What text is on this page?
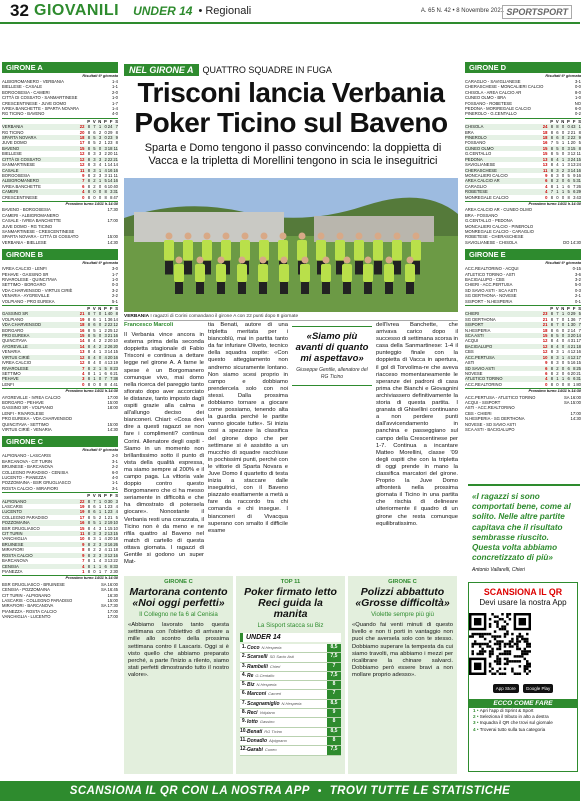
32 GIOVANILI UNDER 14 • Regionali	A. 65 N. 42 • 8 Novembre 2021 SPORTSPORT
GIRONE A
Risultati 6ª giornata
ALBIGROMANERO - VERBANIA	1-4
BIELLESE - CASALE	1-1
BORGOSESIA - CAMERI	2-0
CITTÀ DI COSSATO - SANMARTINESE	1-0
CRESCENTINESE - JUVE DOMO	1-7
IVREA BANCHETTE - SPARTA NOVARA	1-4
RG TICINO - BAVENO	4-0
P V N P F S
VERBANIA	22 8 7 1 0 24 7
RG TICINO	20 8 6 2 0 29 8
SPARTA NOVARA	18 8 5 3 0 23 9
JUVE DOMO	17 8 5 2 1 23 8
BAVENO	15 8 5 0 3 18 11
BIELLESE	12 8 3 3 2 20 11
CITTÀ DI COSSATO	12 8 3 3 2 22 21
SANMARTINESE	12 8 3 4 1 14 14
CASALE	11 8 3 1 4 16 16
BORGOSESIA	9 8 2 3 3 11 11
ALBIGROMANERO	7 8 2 1 5 14 16
IVREA BANCHETTE	6 8 2 0 6 10 40
CAMERI	4 8 0 0 8 3 31
CRESCENTINESE	0 8 0 0 8 8 47
Prossimo turno 14/11 h.14:30
BAVENO - BORGOSESIA	17:30
CAMERI - ALBIGROMANERO
CASALE - IVREA BANCHETTE	17:00
JUVE DOMO - RG TICINO
SANMARTINESE - CRESCENTINESE
SPARTA NOVARA - CITTÀ DI COSSATO	15:00
VERBANIA - BIELLESE	14:30
GIRONE B
Risultati 6ª giornata
IVREA CALCIO - LENFI	3-0
PEHAVE - GASSINO SR	1-7
RIVAROLESE - QUINCITAVA	1-0
SETTIMO - BORGARO	0-3
VDA CHARVENSOD - VIRTUS CIRIÈ	3-2
VENARIA - AYGREVILLE	2-2
VOLPIANO - PRO EUREKA	5-1
P V N P F S
GASSINO SR	21 8 7 0 1 40 8
VOLPIANO	19 8 6 1 1 36 14
VDA CHARVENSOD	18 8 6 0 2 22 12
BORGARO	16 8 5 1 2 25 12
PRO EUREKA	15 8 5 0 3 21 16
QUINCITAVA	14 8 4 2 2 20 10
AYGREVILLE	14 8 4 2 2 26 20
VENARIA	13 8 4 1 3 14 15
VIRTUS CIRIÈ	12 8 4 0 4 20 16
IVREA CALCIO	12 8 4 0 4 13 19
RIVAROLESE	7 8 2 1 5 8 23
SETTIMO	4 8 1 1 6 6 21
PEHAVE	3 8 1 0 7 7 38
LENFI	0 8 0 0 8 4 41
Prossimo turno 14/11 h.14:30
AYGREVILLE - IVREA CALCIO	17:00
BORGARO - PEHAVE	15:00
GASSINO SR - VOLPIANO	18:00
LENFI - RIVAROLESE
PRO EUREKA - VDA CHARVENSOD
QUINCITAVA - SETTIMO	15:00
VIRTUS CIRIÈ - VENARIA	14:30
GIRONE C
Risultati 6ª giornata
ALPIGNANO - LASCARIS	2-0
BARCANOVA - CIT TURIN	3-1
BRUINESE - BARCANOVA	2-2
COLLEGNO PARADISO - CENISIA	6-0
LUCENTO - PIANEZZA	4-0
POZZOMAINA - BSR GRUGLIASCO	1-1
ROSTA CALCIO - MIRAFIORI	3-1
P V N P F S
ALPIGNANO	22 8 7 1 0 30 3
LASCARIS	19 8 6 1 1 23 4
LUCENTO	19 8 6 1 1 23 4
COLLEGNO PARADISO	17 8 5 2 1 21 5
POZZOMAINA	16 8 5 1 2 19 10
BSR GRUGLIASCO	15 8 4 3 1 15 10
CIT TURIN	11 8 3 3 2 13 15
VANCHIGLIA	10 8 3 1 4 20 18
BRUINESE	9 8 2 3 3 16 26
MIRAFIORI	8 8 2 2 4 11 18
ROSTA CALCIO	9 8 2 3 3 12 16
BARCANOVA	7 8 1 4 3 13 22
CENISIA	4 8 1 1 6 8 33
PIANEZZA	1 8 0 1 7 2 30
Prossimo turno 14/11 h.14:30
BSR GRUGLIASCO - BRUINESE	SA 16:00
CENISIA - POZZOMAINA	SA 16:45
CIT TURIN - ALPIGNANO	16:30
LASCARIS - COLLEGNO PARADISO	15:00
MIRAFIORI - BARCANOVA	SA 17:30
PIANEZZA - ROSTA CALCIO	17:00
VANCHIGLIA - LUCENTO	17:00
GIRONE D
Risultati 6ª giornata
CARAGLIO - SAVIGLIANESE	3-1
CHERASCHESE - MONCALIERI CALCIO	0-0
CHISOLA - AREA CALCIO AR	8-0
CUNEO OLMO - BRA	1-0
FOSSANO - ROBETESE	NO
PEDONA - MORIREGALE CALCIO	6-0
PINEROLO - G.CENTALLO	0-2
P V N P F S
CHISOLA	24 8 8 0 0 43 1
BRA	18 8 6 0 2 21 8
PINEROLO	18 8 6 0 2 22 9
FOSSANO	16 7 5 1 1 20 5
CUNEO OLMO	15 8 5 0 3 15 8
G.CENTALLO	15 8 5 0 3 12 11
PEDONA	13 8 4 1 3 24 15
SAVIGLIANESE	13 8 4 1 3 13 24
CHERASCHESE	11 8 3 2 3 14 16
MONCALIERI CALCIO	9 8 3 0 5 9 16
AREA CALCIO AR	6 8 2 0 6 5 31
CARAGLIO	4 8 1 1 6 7 26
ROBETESE	4 7 1 1 5 6 29
MONREGALE CALCIO	0 8 0 0 8 3 43
Prossimo turno 14/11 h.14:30
AREA CALCIO AR - CUNEO OLMO
BRA - FOSSANO
G.CENTALLO - PEDONA
MONCALIERI CALCIO - PINEROLO
MONREGALE CALCIO - CARAGLIO
ROBETESE - CHERASCHESE
SAVIGLIANESE - CHISOLA	DO 14:30
GIRONE E
Risultati 6ª giornata
ACC.REALTORINO - ACQUI	0-15
ATLETICO TORINO - ASTI	3-6
BACIGALUPO - CBS	3-2
CHIERI - ACC.PERTUSA	5-0
SD SAVIO ASTI - SCA ASTI	0-3
SG DERTHONA - NOVESE	2-1
SISPORT - N.HESPERIA	0-1
P V N P F S
CHIERI	23 8 7 1 0 29 5
SG DERTHONA	21 8 7 0 1 36 7
SISPORT	21 8 7 0 1 30 7
N.HESPERIA	18 8 6 0 2 14 7
SCA ASTI	15 8 5 0 3 20 14
ACQUI	12 8 4 0 4 31 17
BACIGALUPO	12 8 4 0 4 21 18
CBS	12 8 3 1 4 12 16
ACC.PERTUSA	10 8 3 1 4 12 17
ASTI	9 8 3 0 5 16 15
SD SAVIO ASTI	6 8 2 0 6 8 25
NOVESE	6 8 2 0 6 20 21
ATLETICO TORINO	4 8 1 1 6 6 31
ACC.REALTORINO	0 8 0 0 8 1 80
Prossimo turno 14/11 h.14:30
ACC.PERTUSA - ATLETICO TORINO	SA 16:00
ACQUI - SISPORT	SA 15:00
ASTI - ACC.REALTORINO
CBS - CHIERI	17:00
N.HESPERIA - SG DERTHONA	14:30
NOVESE - SD SAVIO ASTI
SCA ASTI - BACIGALUPO
«I ragazzi si sono comportati bene, come al solito. Nelle altre partite capitava che il risultato sembrasse riuscito. Questa volta abbiamo concretizzato di più»
Antonio Vallarelli, Chieri
NEL GIRONE A	QUATTRO SQUADRE IN FUGA
Trisconi lancia Verbania Poker Ticino sul Baveno
Sparta e Domo tengono il passo convincendo: la doppietta di Vacca e la tripletta di Morellini tengono in scia le inseguitrici
VERBANIA I ragazzi di Corini comandano il girone A con 22 punti dopo 8 giornate
Francesco Marcoli
Il Verbania vince ancora in esterna prima della seconda doppietta stagionale di Fabio Trisconi e continua a dettare legge nel girone A. A farne le spese è un Borgomanero comunque vivo, mai domo nella ricerca del pareggio tanto sfiorato dopo aver accorciato le distanze, tanto imposto dagli ospiti grazie alla calma e all'allungo deciso dei bianconeri. Chiari: «Cosa devi dire a questi ragazzi se non fare i complimenti? continua Corini. Allenatore degli ospiti - Siamo in un momento non brillantissimo sotto il punto di vista della qualità espressa, ma siamo sempre al 200% e il campo paga. La vittoria vale doppio contro questo Borgomanero che ci ha messo seriamente in difficoltà e che ha dimostrato di potersela giocare». Nonostante il Verbania resti una corazzata, il Ticino non è da meno e ne rifila quattro al Baveno nel match di cartello di questa ottava giornata. I ragazzi di Gentile si godono un super Mat-
tia Benati, autore di una tripletta meritata per i biancoblù, mai in partita tanto da far infuriare Oliveto, tecnico della squadra ospite: «Con questo atteggiamento non andremo sicuramente lontano. Non siamo scesi proprio in campo e dobbiamo prendercela solo con noi stessi. Dalla prossima dobbiamo tornare a giocare come possiamo, tenendo alta la guardia perché le partite vanno giocate tutte». Si inizia così a spezzare la classifica del girone dopo che per settimane si è assistito a un mucchio di squadre racchiuse in pochissimi punti, perché con le vittorie di Sparta Novara e Juve Domo il quartetto di testa inizia a staccare dalle inseguitrici, con il Baveno piazzato esattamente a metà a fare da raccordo tra chi comanda e chi insegue. I bianconeri di Vivacqua superano con smalto il difficile esame
«Siamo più avanti di quanto mi aspettavo»
Giuseppe Gentile, allenatore del RG Ticino
dell'Ivrea Banchette, che arrivava carico dopo il successo di settimana scorsa in casa della Sanmartinese: 1-4 il punteggio finale con la doppietta di Vacca in apertura, il gol di Torvolima-re che aveva riacceso momentaneamente le speranze dei padroni di casa prima che Bianchi e Giovagnini archiviassero definitivamente la storia di questa partita. I granata di Ghisellini continuano a non perdere punti dall'avvicendamento in panchina e passeggiano sul campo della Crescentinese per 1-7. Continua a incantare Matteo Morellini, classe '09 degli ospiti che con la tripletta di oggi prende in mano la classifica marcatori del girone. Proprio la Juve Domo affronterà nella prossima giornata il Ticino in una partita che rischia di delineare ulteriormente il quadro di un girone che resta comunque equilibratissimo.
GIRONE C
Martorana contento «Noi oggi perfetti»
Il Collegno ne fa 6 al Cenisia
«Abbiamo lavorato tanto questa settimana con l'obiettivo di arrivare a mille allo scontro della prossima settimana contro il Lascaris. Oggi si è visto quello che abbiamo preparato perché, a parte l'inizio a rilento, siamo stati perfetti dimostrando tutto il nostro valore».
TOP 11
Poker firmato letto Reci guida la manita
La Sisport stacca su Biz
UNDER 14
1. Coco N.Hesperia	8,5
2. Scarselli SD Savio Asti	7,5
3. Rambelli Chieri	7
4. Re G.Centallo	7,5
5. Biz N.Hesperia	8
6. Marconi Cameri	7
7. Scagnamiglio N.Hesperia	8,5
8. Reci Volpiano	9
9. Iotto Gassino	8
10. Benati RG Ticino	8,5
11. Donadio Alpignano	8
12. Garabi Cuneo	7,5
GIRONE C
Polizzi abbattuto «Grosse difficoltà»
Violette sempre più giù
«Quando fai venti minuti di questo livello e non ti porti in vantaggio non puoi che aversela solo con te stesso. Dobbiamo superare la tempesta da cui siamo travolti, ma abbiamo i mezzi per ricalibrare la chinare salvarci. Dobbiamo però essere bravi a non mollare proprio adesso».
SCANSIONA IL QR
Devi usare la nostra App
App Store	Google Play
ECCO COME FARE
1 • Apri l'app di Sprint & Sport
2 • Seleziona il tributo in alto a destra
3 • Inquadra il QR che trovi sul giornale
4 • Troverai tutto sulla tua categoria
SCANSIONA IL QR CON LA NOSTRA APP • TROVI TUTTE LE STATISTICHE
